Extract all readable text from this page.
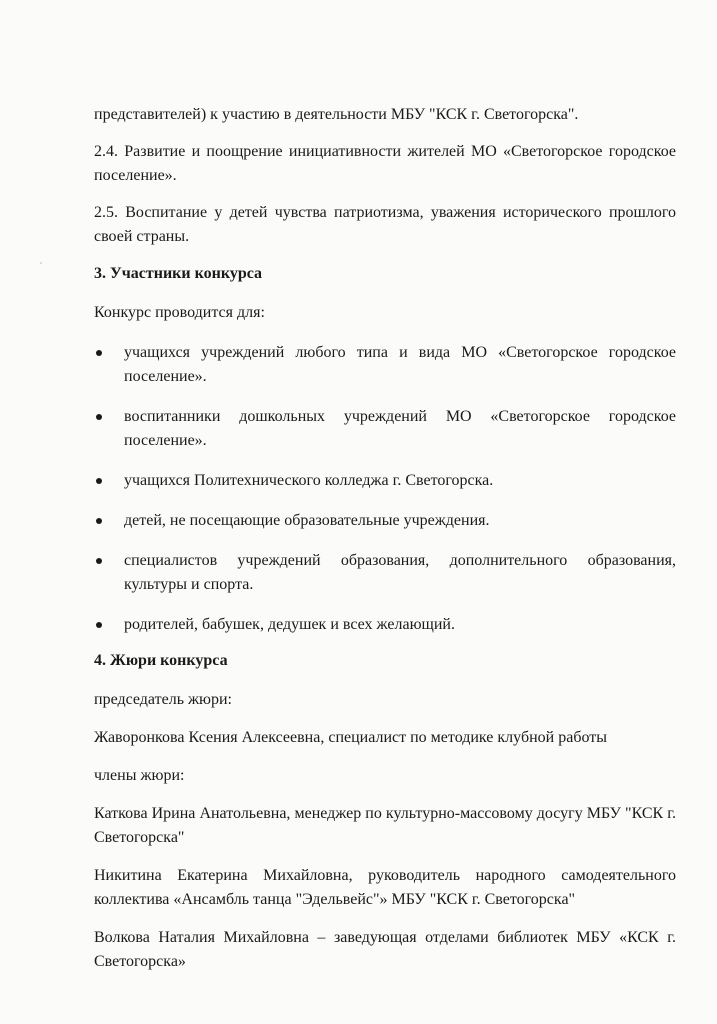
представителей) к участию в деятельности МБУ "КСК г. Светогорска".

2.4. Развитие и поощрение инициативности жителей МО «Светогорское городское поселение».

2.5. Воспитание у детей чувства патриотизма, уважения исторического прошлого своей страны.

3. Участники конкурса

Конкурс проводится для:

учащихся учреждений любого типа и вида МО «Светогорское городское поселение».
воспитанники дошкольных учреждений МО «Светогорское городское поселение».
учащихся Политехнического колледжа г. Светогорска.
детей, не посещающие образовательные учреждения.
специалистов учреждений образования, дополнительного образования, культуры и спорта.
родителей, бабушек, дедушек и всех желающий.

4. Жюри конкурса

председатель жюри:

Жаворонкова Ксения Алексеевна, специалист по методике клубной работы

члены жюри:

Каткова Ирина Анатольевна, менеджер по культурно-массовому досугу МБУ "КСК г. Светогорска"

Никитина Екатерина Михайловна, руководитель народного самодеятельного коллектива «Ансамбль танца "Эдельвейс"» МБУ "КСК г. Светогорска"

Волкова Наталия Михайловна – заведующая отделами библиотек МБУ «КСК г. Светогорска»
